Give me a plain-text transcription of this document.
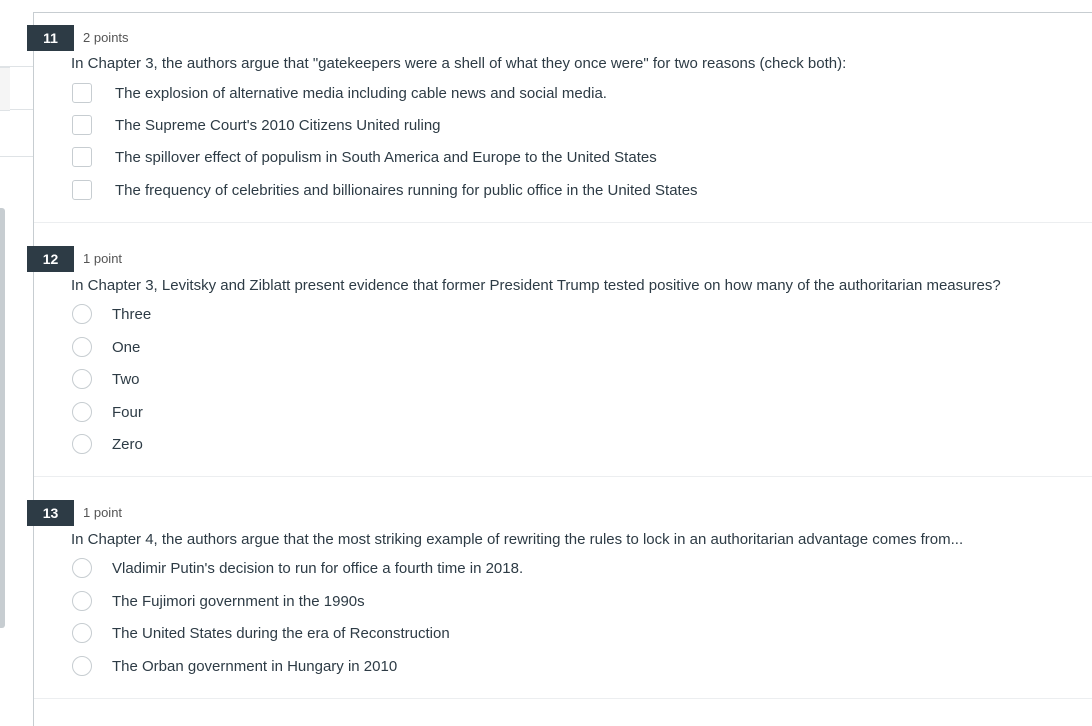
11	2 points
In Chapter 3, the authors argue that "gatekeepers were a shell of what they once were" for two reasons (check both):
The explosion of alternative media including cable news and social media.
The Supreme Court's 2010 Citizens United ruling
The spillover effect of populism in South America and Europe to the United States
The frequency of celebrities and billionaires running for public office in the United States
12	1 point
In Chapter 3, Levitsky and Ziblatt present evidence that former President Trump tested positive on how many of the authoritarian measures?
Three
One
Two
Four
Zero
13	1 point
In Chapter 4, the authors argue that the most striking example of rewriting the rules to lock in an authoritarian advantage comes from...
Vladimir Putin's decision to run for office a fourth time in 2018.
The Fujimori government in the 1990s
The United States during the era of Reconstruction
The Orban government in Hungary in 2010
